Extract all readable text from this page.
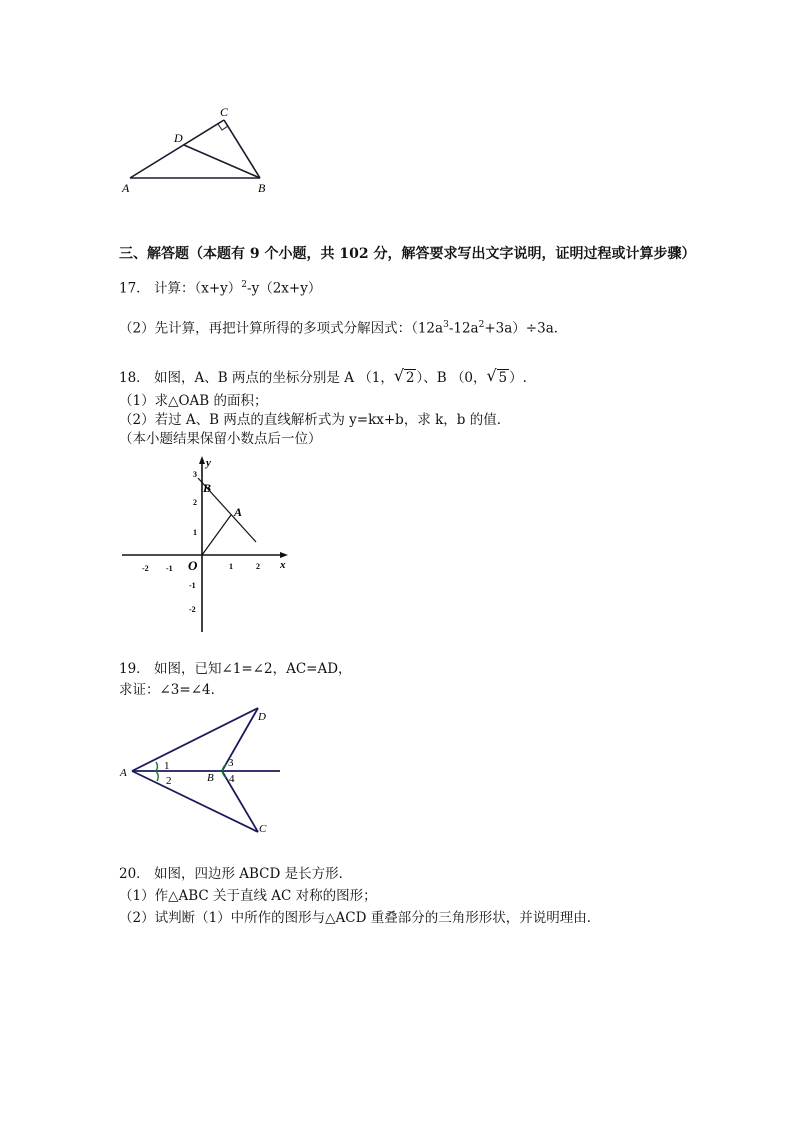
A	B
C
D
三、解答题（本题有 9 个小题，共 102 分，解答要求写出文字说明，证明过程或计算步骤）
17． 计算：$(x+y)^2-y(2x+y)$
（2）先计算，再把计算所得的多项式分解因式：$(12a^3-12a^2+3a)\div 3a$．
18． 如图，A、B 两点的坐标分别是 A （1， √ 2 ）、B （0， √ 5 ）.
（1）求△OAB 的面积；
（2）若过 A、B 两点的直线解析式为 y=kx+b，求 k，b 的值．
（本小题结果保留小数点后一位）
x
y
O
-2 -1	1	2
3
2
1
-1
-2
B
A
19． 如图，已知∠1=∠2，AC=AD，
求证：∠3=∠4．
A	B
C
D
1
2
3
4
20． 如图，四边形 ABCD 是长方形．
（1）作△ABC 关于直线 AC 对称的图形；
（2）试判断（1）中所作的图形与△ACD 重叠部分的三角形形状，并说明理由．
